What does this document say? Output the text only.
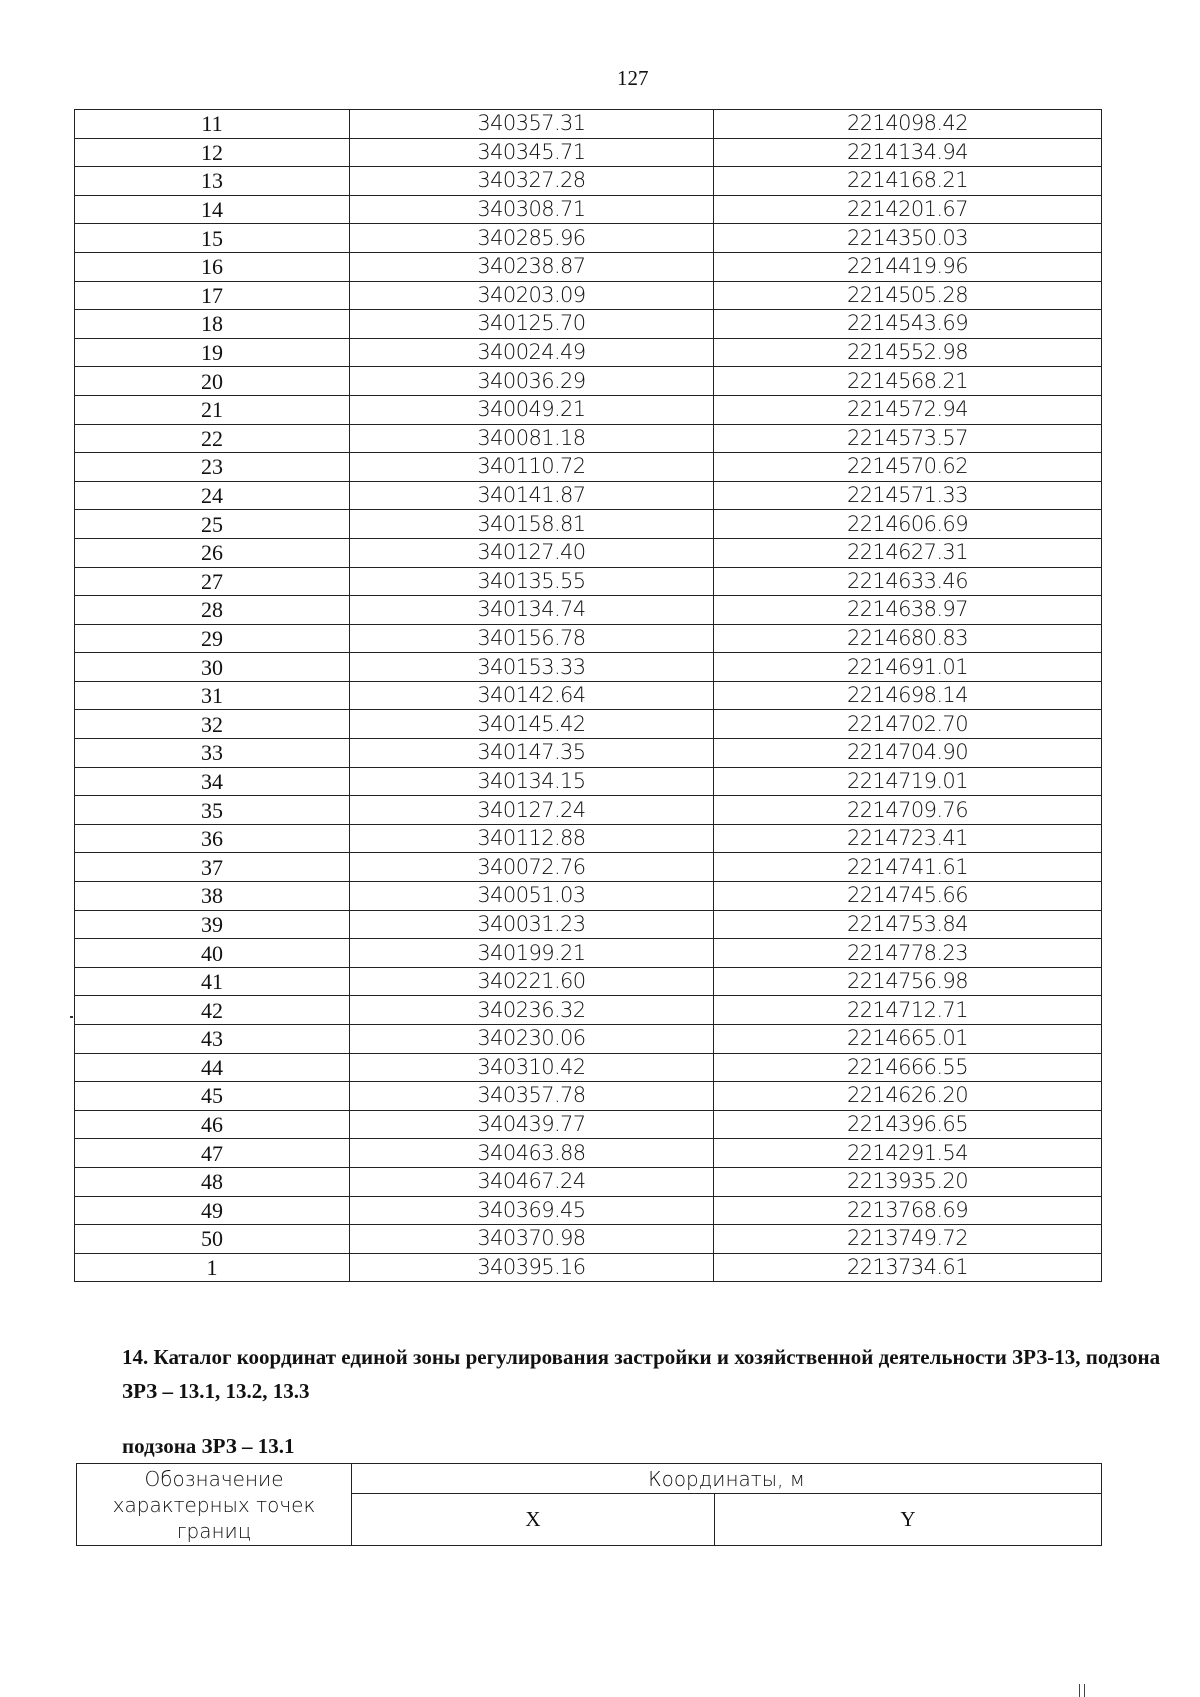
127
11	340357.31	2214098.42
12	340345.71	2214134.94
13	340327.28	2214168.21
14	340308.71	2214201.67
15	340285.96	2214350.03
16	340238.87	2214419.96
17	340203.09	2214505.28
18	340125.70	2214543.69
19	340024.49	2214552.98
20	340036.29	2214568.21
21	340049.21	2214572.94
22	340081.18	2214573.57
23	340110.72	2214570.62
24	340141.87	2214571.33
25	340158.81	2214606.69
26	340127.40	2214627.31
27	340135.55	2214633.46
28	340134.74	2214638.97
29	340156.78	2214680.83
30	340153.33	2214691.01
31	340142.64	2214698.14
32	340145.42	2214702.70
33	340147.35	2214704.90
34	340134.15	2214719.01
35	340127.24	2214709.76
36	340112.88	2214723.41
37	340072.76	2214741.61
38	340051.03	2214745.66
39	340031.23	2214753.84
40	340199.21	2214778.23
41	340221.60	2214756.98
42	340236.32	2214712.71
43	340230.06	2214665.01
44	340310.42	2214666.55
45	340357.78	2214626.20
46	340439.77	2214396.65
47	340463.88	2214291.54
48	340467.24	2213935.20
49	340369.45	2213768.69
50	340370.98	2213749.72
1	340395.16	2213734.61
14. Каталог координат единой зоны регулирования застройки и хозяйственной деятельности ЗРЗ-13, подзона ЗРЗ – 13.1, 13.2, 13.3
подзона ЗРЗ – 13.1
Обозначение характерных точек границ	Координаты, м	
	X	Y
